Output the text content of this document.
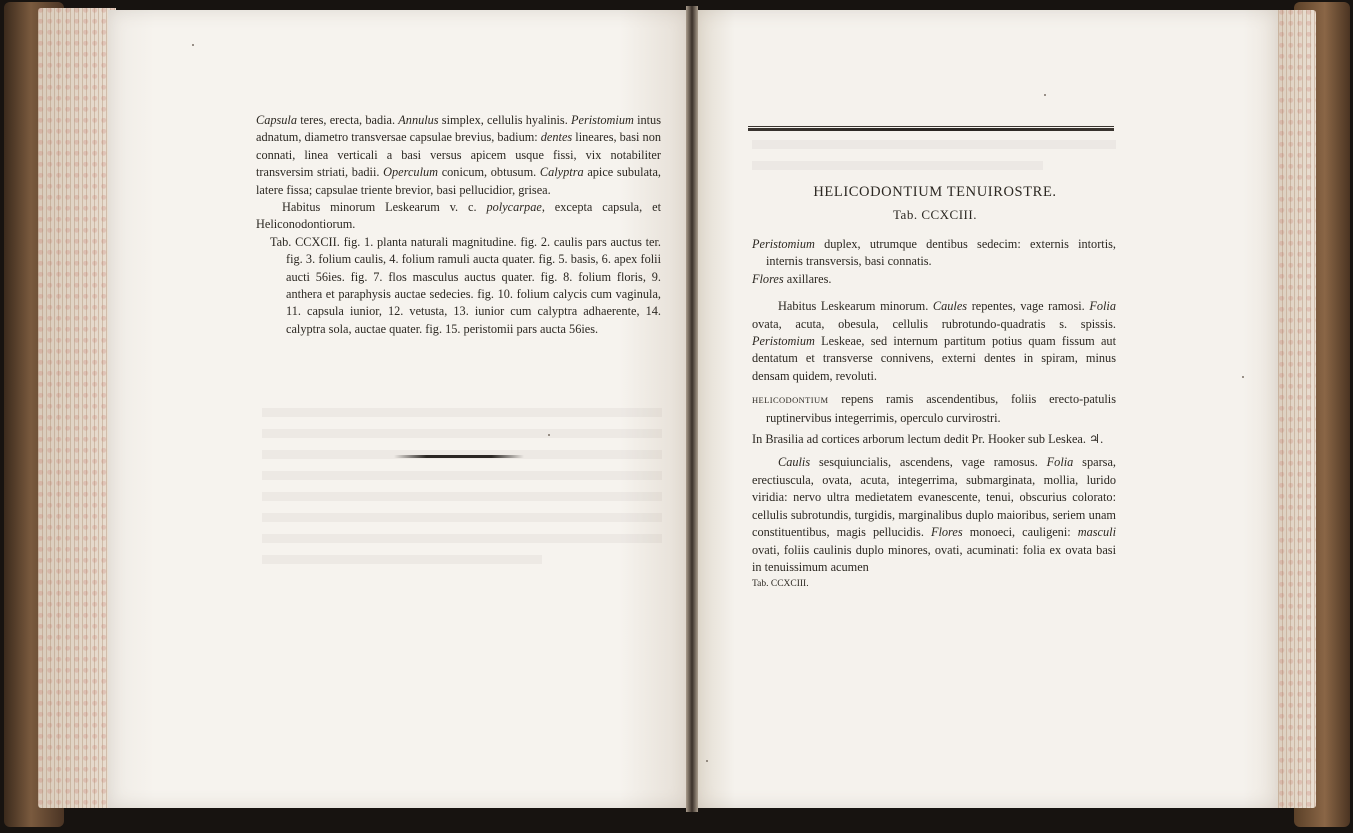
Capsula teres, erecta, badia. Annulus simplex, cellulis hyalinis. Peristomium intus adnatum, diametro transversae capsulae brevius, badium: dentes lineares, basi non connati, linea verticali a basi versus apicem usque fissi, vix notabiliter transversim striati, badii. Operculum conicum, obtusum. Calyptra apice subulata, latere fissa; capsulae triente brevior, basi pellucidior, grisea.

Habitus minorum Leskearum v. c. polycarpae, excepta capsula, et Heliconodontiorum.

Tab. CCXCII. fig. 1. planta naturali magnitudine. fig. 2. caulis pars auctus ter. fig. 3. folium caulis, 4. folium ramuli aucta quater. fig. 5. basis, 6. apex folii aucti 56ies. fig. 7. flos masculus auctus quater. fig. 8. folium floris, 9. anthera et paraphysis auctae sedecies. fig. 10. folium calycis cum vaginula, 11. capsula iunior, 12. vetusta, 13. iunior cum calyptra adhaerente, 14. calyptra sola, auctae quater. fig. 15. peristomii pars aucta 56ies.

HELICODONTIUM TENUIROSTRE.
Tab. CCXCIII.

Peristomium duplex, utrumque dentibus sedecim: externis intortis, internis transversis, basi connatis.

Flores axillares.

Habitus Leskearum minorum. Caules repentes, vage ramosi. Folia ovata, acuta, obesula, cellulis rubrotundo-quadratis s. spissis. Peristomium Leskeae, sed internum partitum potius quam fissum aut dentatum et transverse connivens, externi dentes in spiram, minus densam quidem, revoluti.

HELICODONTIUM repens ramis ascendentibus, foliis erecto-patulis ruptinervibus integerrimis, operculo curvirostri.

In Brasilia ad cortices arborum lectum dedit Pr. Hooker sub Leskea. ♃.

Caulis sesquiuncialis, ascendens, vage ramosus. Folia sparsa, erectiuscula, ovata, acuta, integerrima, submarginata, mollia, lurido viridia: nervo ultra medietatem evanescente, tenui, obscurius colorato: cellulis subrotundis, turgidis, marginalibus duplo maioribus, seriem unam constituentibus, magis pellucidis. Flores monoeci, cauligeni: masculi ovati, foliis caulinis duplo minores, ovati, acuminati: folia ex ovata basi in tenuissimum acumen

Tab. CCXCIII.
